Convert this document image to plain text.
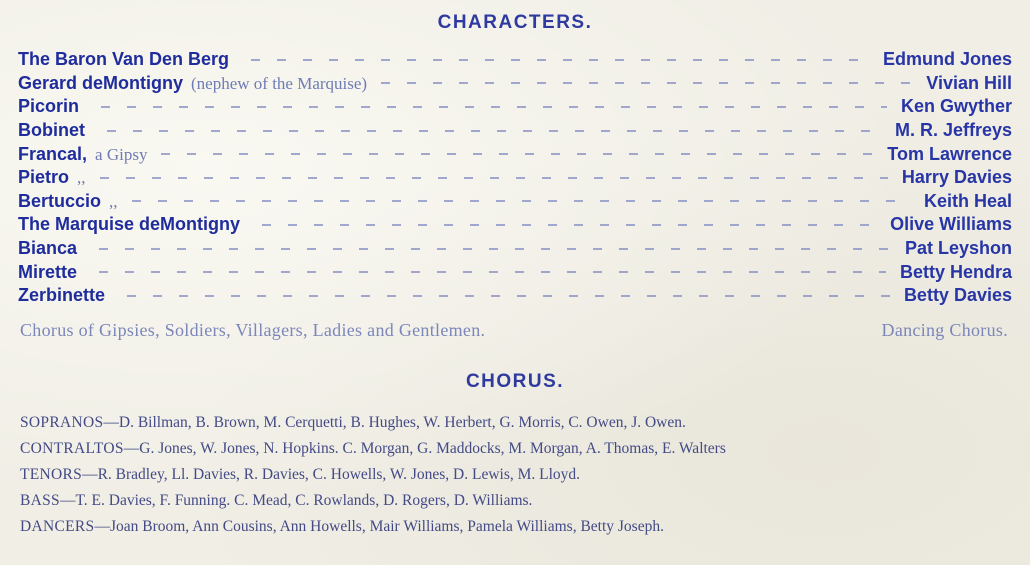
CHARACTERS.
The Baron Van Den Berg	Edmund Jones
Gerard deMontigny (nephew of the Marquise)	Vivian Hill
Picorin	Ken Gwyther
Bobinet	M. R. Jeffreys
Francal, a Gipsy	Tom Lawrence
Pietro ,,	Harry Davies
Bertuccio ,,	Keith Heal
The Marquise deMontigny	Olive Williams
Bianca	Pat Leyshon
Mirette	Betty Hendra
Zerbinette	Betty Davies
Chorus of Gipsies, Soldiers, Villagers, Ladies and Gentlemen.	Dancing Chorus.
CHORUS.
SOPRANOS—D. Billman, B. Brown, M. Cerquetti, B. Hughes, W. Herbert, G. Morris, C. Owen, J. Owen.
CONTRALTOS—G. Jones, W. Jones, N. Hopkins. C. Morgan, G. Maddocks, M. Morgan, A. Thomas, E. Walters
TENORS—R. Bradley, Ll. Davies, R. Davies, C. Howells, W. Jones, D. Lewis, M. Lloyd.
BASS—T. E. Davies, F. Funning. C. Mead, C. Rowlands, D. Rogers, D. Williams.
DANCERS—Joan Broom, Ann Cousins, Ann Howells, Mair Williams, Pamela Williams, Betty Joseph.
